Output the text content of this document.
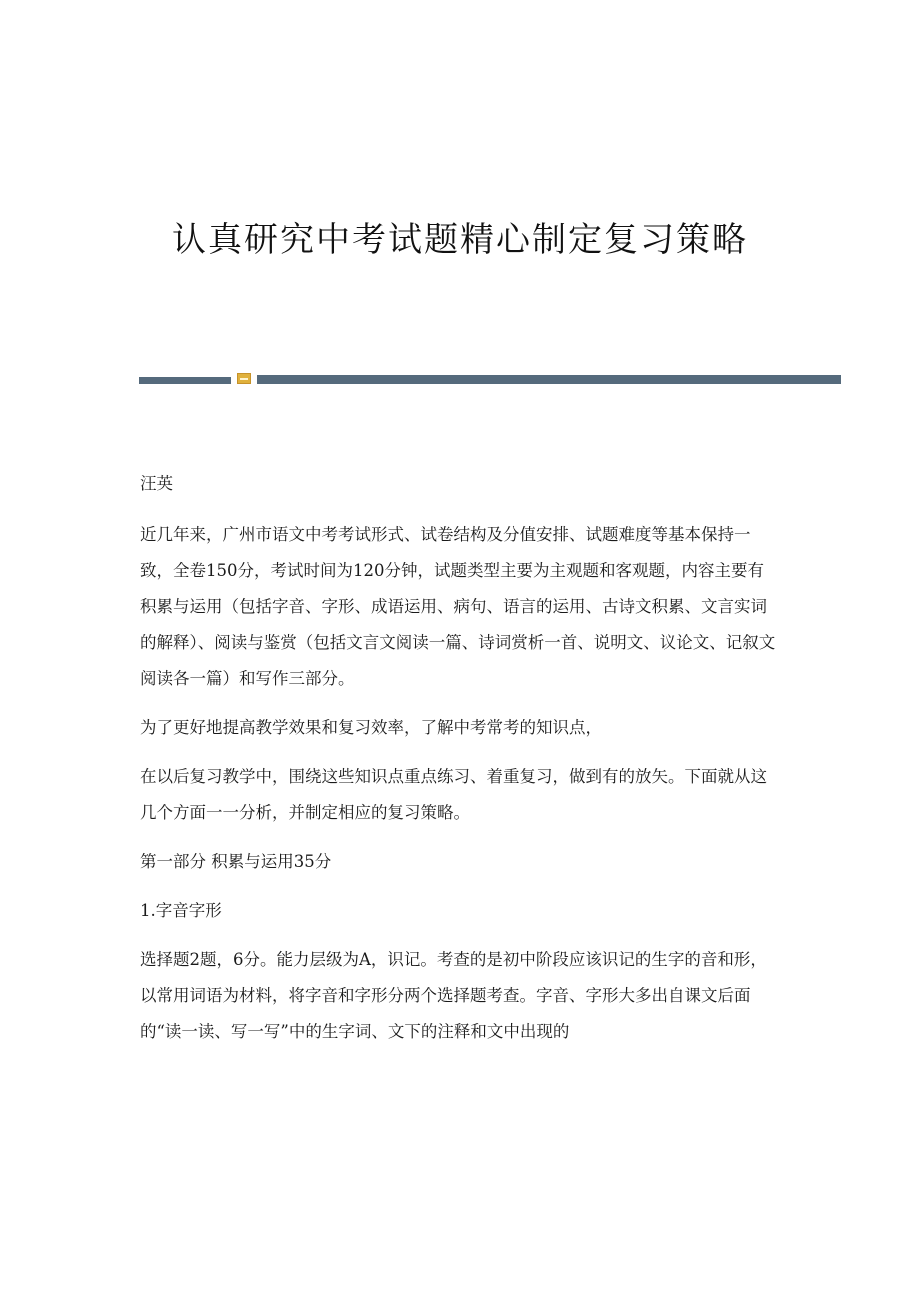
认真研究中考试题精心制定复习策略

汪英

近几年来，广州市语文中考考试形式、试卷结构及分值安排、试题难度等基本保持一致，全卷150分，考试时间为120分钟，试题类型主要为主观题和客观题，内容主要有积累与运用（包括字音、字形、成语运用、病句、语言的运用、古诗文积累、文言实词的解释）、阅读与鉴赏（包括文言文阅读一篇、诗词赏析一首、说明文、议论文、记叙文阅读各一篇）和写作三部分。

为了更好地提高教学效果和复习效率，了解中考常考的知识点，

在以后复习教学中，围绕这些知识点重点练习、着重复习，做到有的放矢。下面就从这几个方面一一分析，并制定相应的复习策略。

第一部分 积累与运用35分

1.字音字形

选择题2题，6分。能力层级为A，识记。考查的是初中阶段应该识记的生字的音和形，以常用词语为材料，将字音和字形分两个选择题考查。字音、字形大多出自课文后面的“读一读、写一写”中的生字词、文下的注释和文中出现的
